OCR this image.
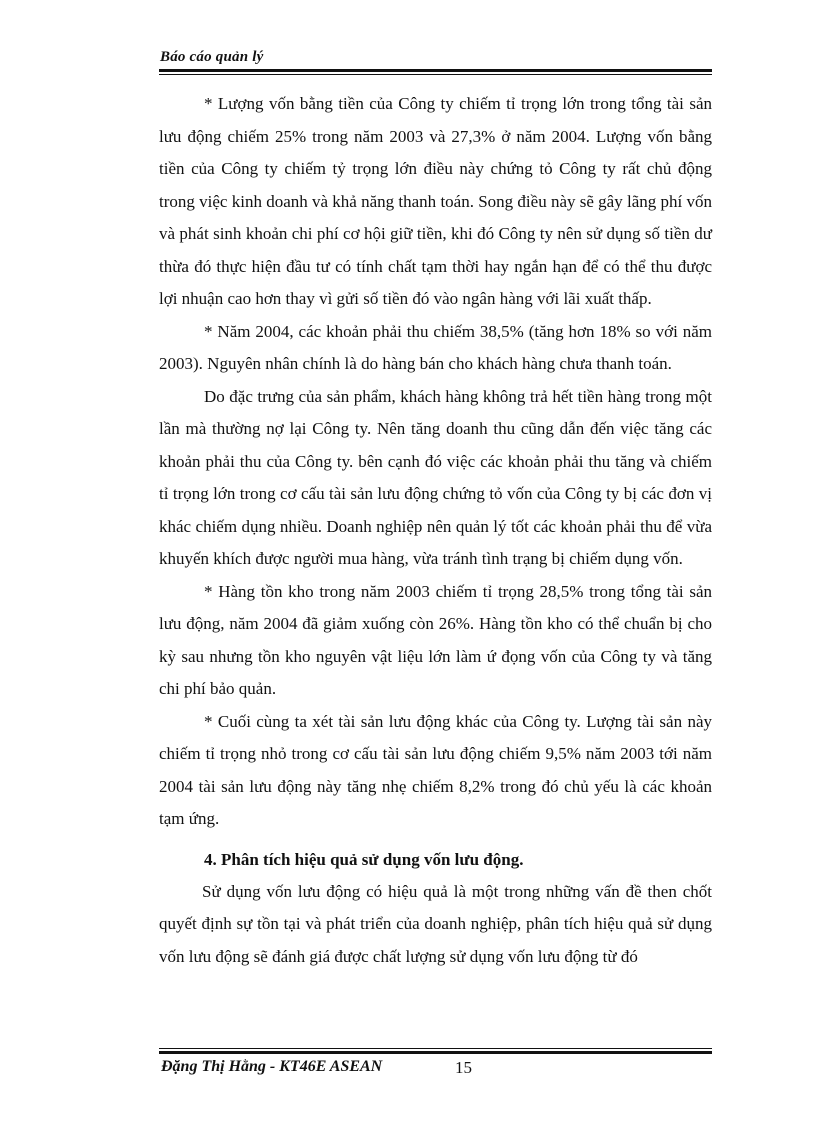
Báo cáo quản lý

* Lượng vốn bằng tiền của Công ty chiếm tỉ trọng lớn trong tổng tài sản lưu động chiếm 25% trong năm 2003 và 27,3% ở năm 2004. Lượng vốn bằng tiền của Công ty chiếm tỷ trọng lớn điều này chứng tỏ Công ty rất chủ động trong việc kinh doanh và khả năng thanh toán. Song điều này sẽ gây lãng phí vốn và phát sinh khoản chi phí cơ hội giữ tiền, khi đó Công ty nên sử dụng số tiền dư thừa đó thực hiện đầu tư có tính chất tạm thời hay ngắn hạn để có thể thu được lợi nhuận cao hơn thay vì gửi số tiền đó vào ngân hàng với lãi xuất thấp.

* Năm 2004, các khoản phải thu chiếm 38,5% (tăng hơn 18% so với năm 2003). Nguyên nhân chính là do hàng bán cho khách hàng chưa thanh toán.

Do đặc trưng của sản phẩm, khách hàng không trả hết tiền hàng trong một lần mà thường nợ lại Công ty. Nên tăng doanh thu cũng dẫn đến việc tăng các khoản phải thu của Công ty. bên cạnh đó việc các khoản phải thu tăng và chiếm tỉ trọng lớn trong cơ cấu tài sản lưu động chứng tỏ vốn của Công ty bị các đơn vị khác chiếm dụng nhiều. Doanh nghiệp nên quản lý tốt các khoản phải thu để vừa khuyến khích được người mua hàng, vừa tránh tình trạng bị chiếm dụng vốn.

* Hàng tồn kho trong năm 2003 chiếm tỉ trọng 28,5% trong tổng tài sản lưu động, năm 2004 đã giảm xuống còn 26%. Hàng tồn kho có thể chuẩn bị cho kỳ sau nhưng tồn kho nguyên vật liệu lớn làm ứ đọng vốn của Công ty và tăng chi phí bảo quản.

* Cuối cùng ta xét tài sản lưu động khác của Công ty. Lượng tài sản này chiếm tỉ trọng nhỏ trong cơ cấu tài sản lưu động chiếm 9,5% năm 2003 tới năm 2004 tài sản lưu động này tăng nhẹ chiếm 8,2% trong đó chủ yếu là các khoản tạm ứng.

4. Phân tích hiệu quả sử dụng vốn lưu động.

Sử dụng vốn lưu động có hiệu quả là một trong những vấn đề then chốt quyết định sự tồn tại và phát triển của doanh nghiệp, phân tích hiệu quả sử dụng vốn lưu động sẽ đánh giá được chất lượng sử dụng vốn lưu động từ đó

Đặng Thị Hằng - KT46E ASEAN	15
